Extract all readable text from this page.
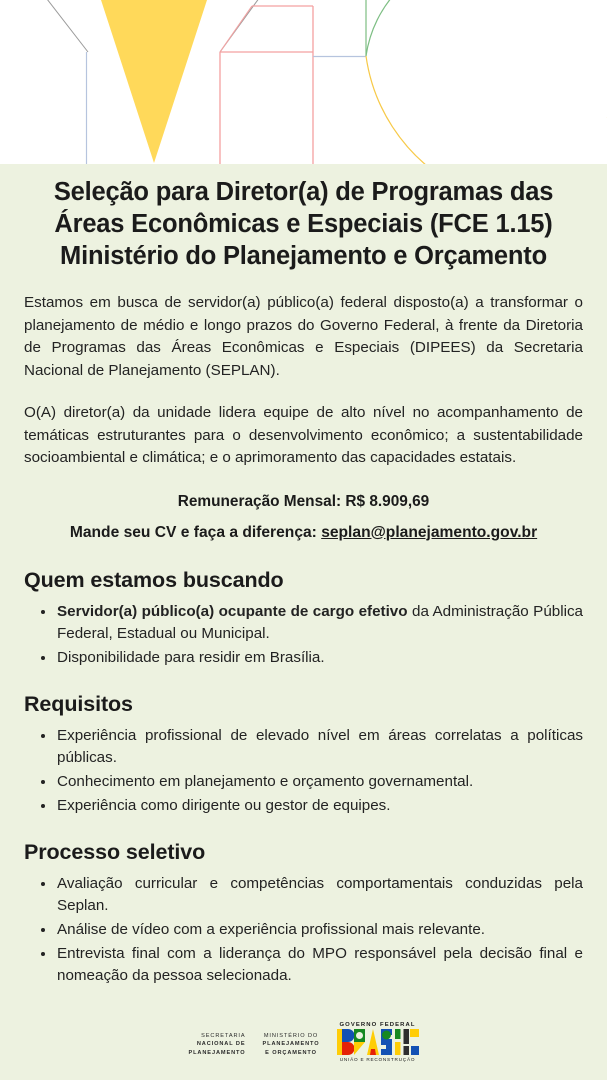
Seleção para Diretor(a) de Programas das
Áreas Econômicas e Especiais (FCE 1.15)
Ministério do Planejamento e Orçamento

Estamos em busca de servidor(a) público(a) federal disposto(a) a transformar o planejamento de médio e longo prazos do Governo Federal, à frente da Diretoria de Programas das Áreas Econômicas e Especiais (DIPEES) da Secretaria Nacional de Planejamento (SEPLAN).

O(A) diretor(a) da unidade lidera equipe de alto nível no acompanhamento de temáticas estruturantes para o desenvolvimento econômico; a sustentabilidade socioambiental e climática; e o aprimoramento das capacidades estatais.

Remuneração Mensal: R$ 8.909,69
Mande seu CV e faça a diferença: seplan@planejamento.gov.br
Quem estamos buscando
Servidor(a) público(a) ocupante de cargo efetivo da Administração Pública Federal, Estadual ou Municipal.
Disponibilidade para residir em Brasília.
Requisitos
Experiência profissional de elevado nível em áreas correlatas a políticas públicas.
Conhecimento em planejamento e orçamento governamental.
Experiência como dirigente ou gestor de equipes.
Processo seletivo
Avaliação curricular e competências comportamentais conduzidas pela Seplan.
Análise de vídeo com a experiência profissional mais relevante.
Entrevista final com a liderança do MPO responsável pela decisão final e nomeação da pessoa selecionada.
SECRETARIA
NACIONAL DE
PLANEJAMENTO
MINISTÉRIO DO
PLANEJAMENTO
E ORÇAMENTO
GOVERNO FEDERAL
UNIÃO E RECONSTRUÇÃO
